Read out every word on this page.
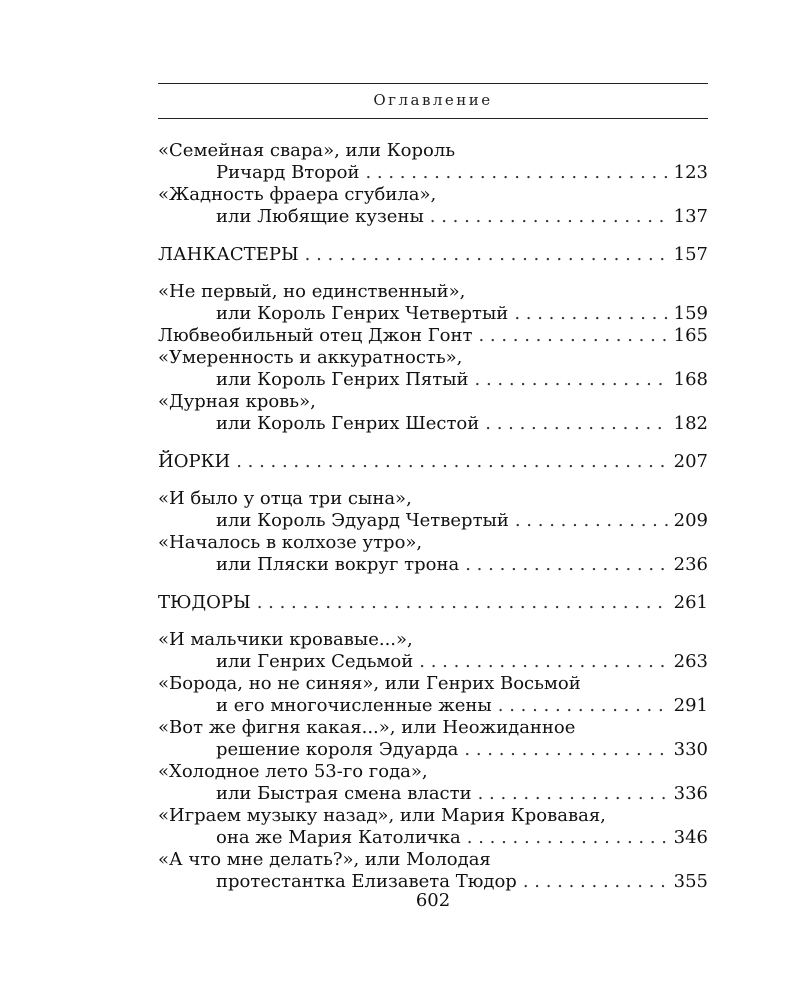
Оглавление
«Семейная свара», или Король
Ричард Второй . . .	123
«Жадность фраера сгубила»,
или Любящие кузены . . .	137
ЛАНКАСТЕРЫ . . .	157
«Не первый, но единственный»,
или Король Генрих Четвертый . . .	159
Любвеобильный отец Джон Гонт . . .	165
«Умеренность и аккуратность»,
или Король Генрих Пятый . . .	168
«Дурная кровь»,
или Король Генрих Шестой . . .	182
ЙОРКИ . . .	207
«И было у отца три сына»,
или Король Эдуард Четвертый . . .	209
«Началось в колхозе утро»,
или Пляски вокруг трона . . .	236
ТЮДОРЫ . . .	261
«И мальчики кровавые...»,
или Генрих Седьмой . . .	263
«Борода, но не синяя», или Генрих Восьмой
и его многочисленные жены . . .	291
«Вот же фигня какая...», или Неожиданное
решение короля Эдуарда . . .	330
«Холодное лето 53-го года»,
или Быстрая смена власти . . .	336
«Играем музыку назад», или Мария Кровавая,
она же Мария Католичка . . .	346
«А что мне делать?», или Молодая
протестантка Елизавета Тюдор . . .	355
602
